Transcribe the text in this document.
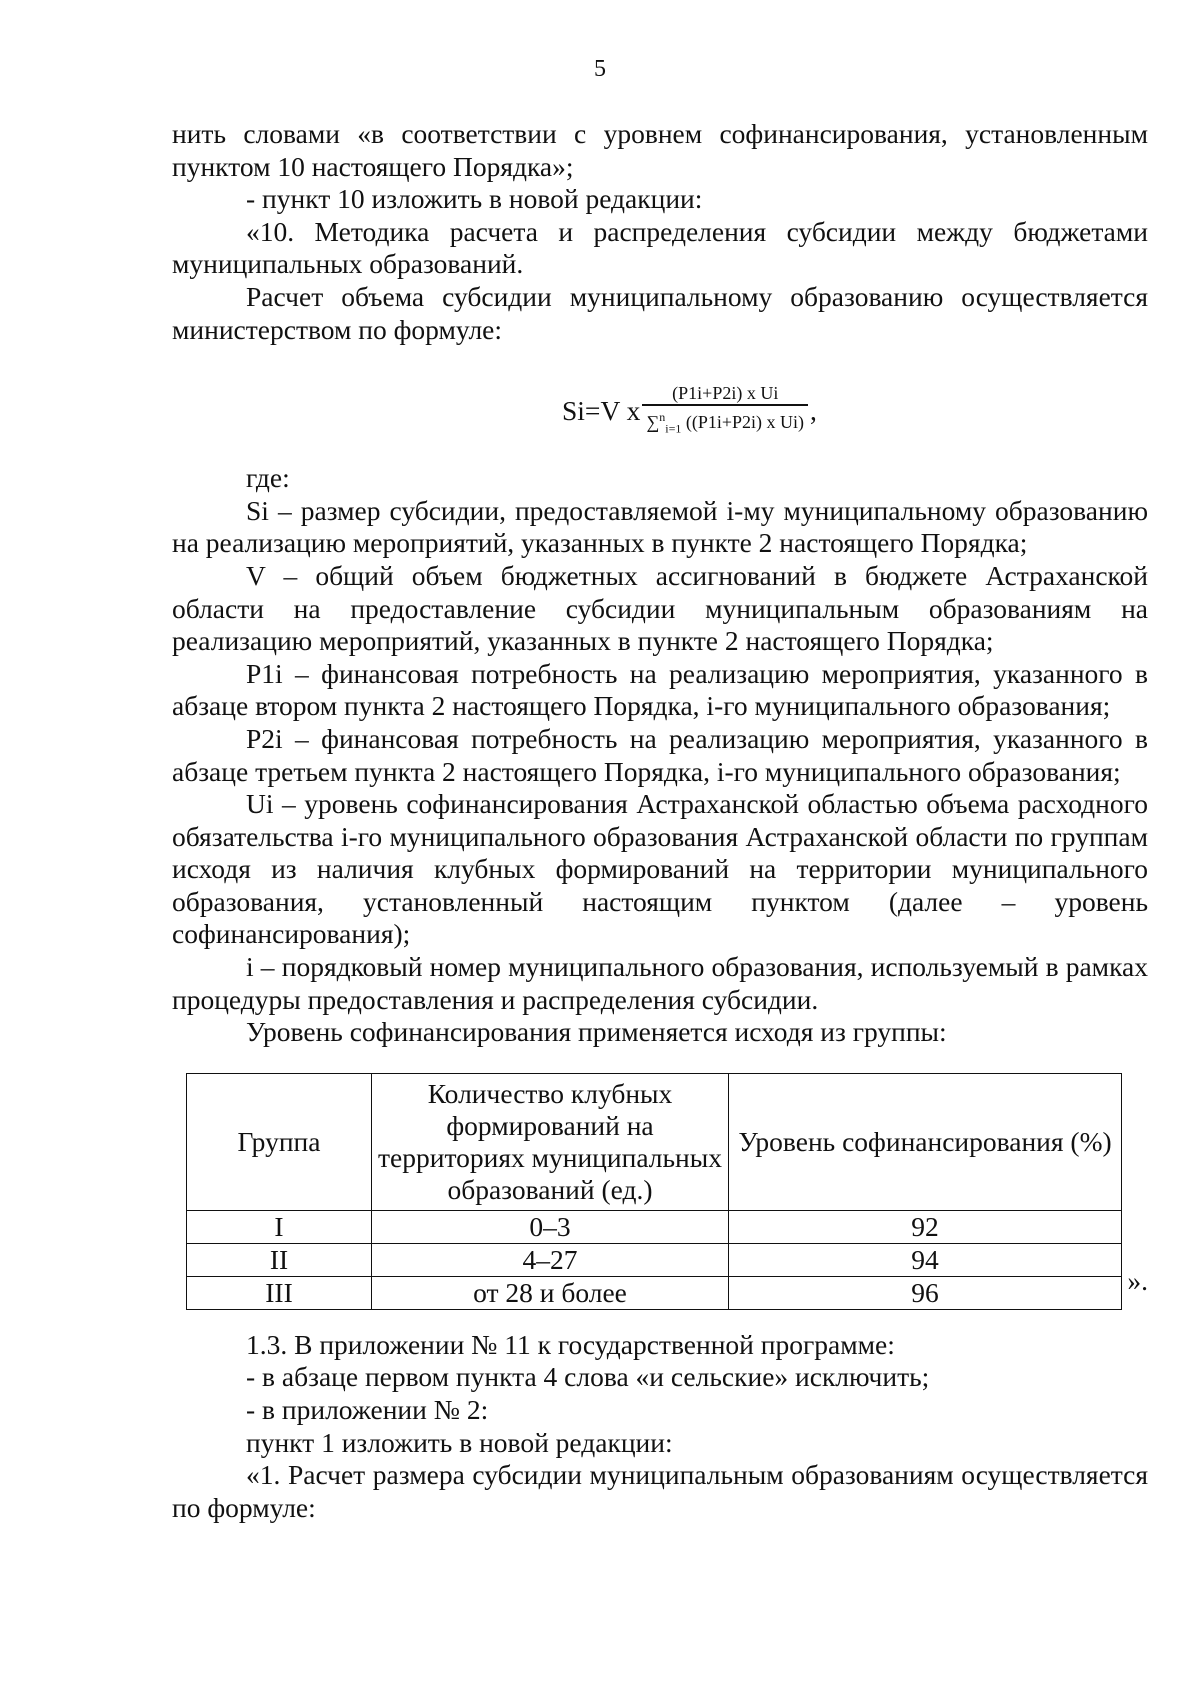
5

нить словами «в соответствии с уровнем софинансирования, установленным пунктом 10 настоящего Порядка»;

- пункт 10 изложить в новой редакции:

«10. Методика расчета и распределения субсидии между бюджетами муниципальных образований.

Расчет объема субсидии муниципальному образованию осуществляется министерством по формуле:

Si=V x $\frac{\text{(P1i+P2i) x Ui}}{\sum^n_{i=1} ((P1i+P2i) x Ui)}$ ,

где:

Si – размер субсидии, предоставляемой i-му муниципальному образованию на реализацию мероприятий, указанных в пункте 2 настоящего Порядка;

V – общий объем бюджетных ассигнований в бюджете Астраханской области на предоставление субсидии муниципальным образованиям на реализацию мероприятий, указанных в пункте 2 настоящего Порядка;

P1i – финансовая потребность на реализацию мероприятия, указанного в абзаце втором пункта 2 настоящего Порядка, i-го муниципального образования;

P2i – финансовая потребность на реализацию мероприятия, указанного в абзаце третьем пункта 2 настоящего Порядка, i-го муниципального образования;

Ui – уровень софинансирования Астраханской областью объема расходного обязательства i-го муниципального образования Астраханской области по группам исходя из наличия клубных формирований на территории муниципального образования, установленный настоящим пунктом (далее – уровень софинансирования);

i – порядковый номер муниципального образования, используемый в рамках процедуры предоставления и распределения субсидии.

Уровень софинансирования применяется исходя из группы:

Группа	Количество клубных формирований на территориях муниципальных образований (ед.)	Уровень софинансирования (%)
I	0–3	92
II	4–27	94
III	от 28 и более	96	».

1.3. В приложении № 11 к государственной программе:

- в абзаце первом пункта 4 слова «и сельские» исключить;

- в приложении № 2:

пункт 1 изложить в новой редакции:

«1. Расчет размера субсидии муниципальным образованиям осуществляется по формуле:
